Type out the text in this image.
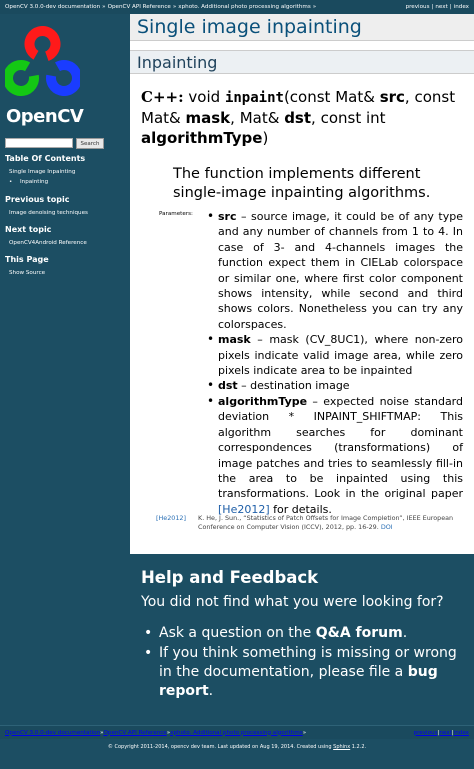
OpenCV 3.0.0-dev documentation » OpenCV API Reference » xphoto. Additional photo processing algorithms »	previous | next | index
OpenCV
Search
Table Of Contents
Single Image Inpainting
• Inpainting
Previous topic
Image denoising techniques
Next topic
OpenCV4Android Reference
This Page
Show Source
Single image inpainting
Inpainting
C++: void inpaint(const Mat& src, const Mat& mask, Mat& dst, const int algorithmType)
The function implements different single-image inpainting algorithms.
Parameters:
•	src – source image, it could be of any type and any number of channels from 1 to 4. In case of 3- and 4-channels images the function expect them in CIELab colorspace or similar one, where first color component shows intensity, while second and third shows colors. Nonetheless you can try any colorspaces.
• mask – mask (CV_8UC1), where non-zero pixels indicate valid image area, while zero pixels indicate area to be inpainted
• dst – destination image
• algorithmType – expected noise standard deviation * INPAINT_SHIFTMAP: This algorithm searches for dominant correspondences (transformations) of image patches and tries to seamlessly fill-in the area to be inpainted using this transformations. Look in the original paper [He2012] for details.
[He2012] K. He, J. Sun., “Statistics of Patch Offsets for Image Completion”, IEEE European Conference on Computer Vision (ICCV), 2012, pp. 16-29. DOI
Help and Feedback
You did not find what you were looking for?
• Ask a question on the Q&A forum.
• If you think something is missing or wrong in the documentation, please file a bug report.
OpenCV 3.0.0-dev documentation»OpenCV API Reference»xphoto. Additional photo processing algorithms»	previous|next|index
© Copyright 2011-2014, opencv dev team. Last updated on Aug 19, 2014. Created using Sphinx 1.2.2.
